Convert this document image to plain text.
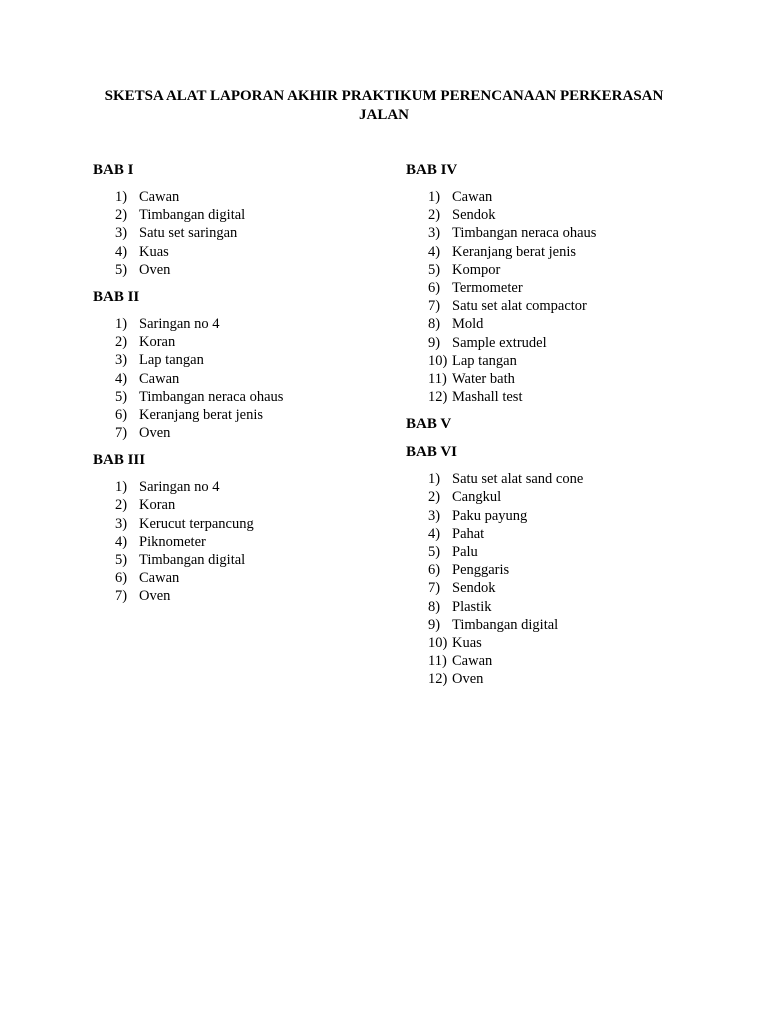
SKETSA ALAT LAPORAN AKHIR PRAKTIKUM PERENCANAAN PERKERASAN
JALAN
BAB I
1) Cawan
2) Timbangan digital
3) Satu set saringan
4) Kuas
5) Oven
BAB II
1) Saringan no 4
2) Koran
3) Lap tangan
4) Cawan
5) Timbangan neraca ohaus
6) Keranjang berat jenis
7) Oven
BAB III
1) Saringan no 4
2) Koran
3) Kerucut terpancung
4) Piknometer
5) Timbangan digital
6) Cawan
7) Oven
BAB IV
1) Cawan
2) Sendok
3) Timbangan neraca ohaus
4) Keranjang berat jenis
5) Kompor
6) Termometer
7) Satu set alat compactor
8) Mold
9) Sample extrudel
10) Lap tangan
11) Water bath
12) Mashall test
BAB V
BAB VI
1) Satu set alat sand cone
2) Cangkul
3) Paku payung
4) Pahat
5) Palu
6) Penggaris
7) Sendok
8) Plastik
9) Timbangan digital
10) Kuas
11) Cawan
12) Oven
